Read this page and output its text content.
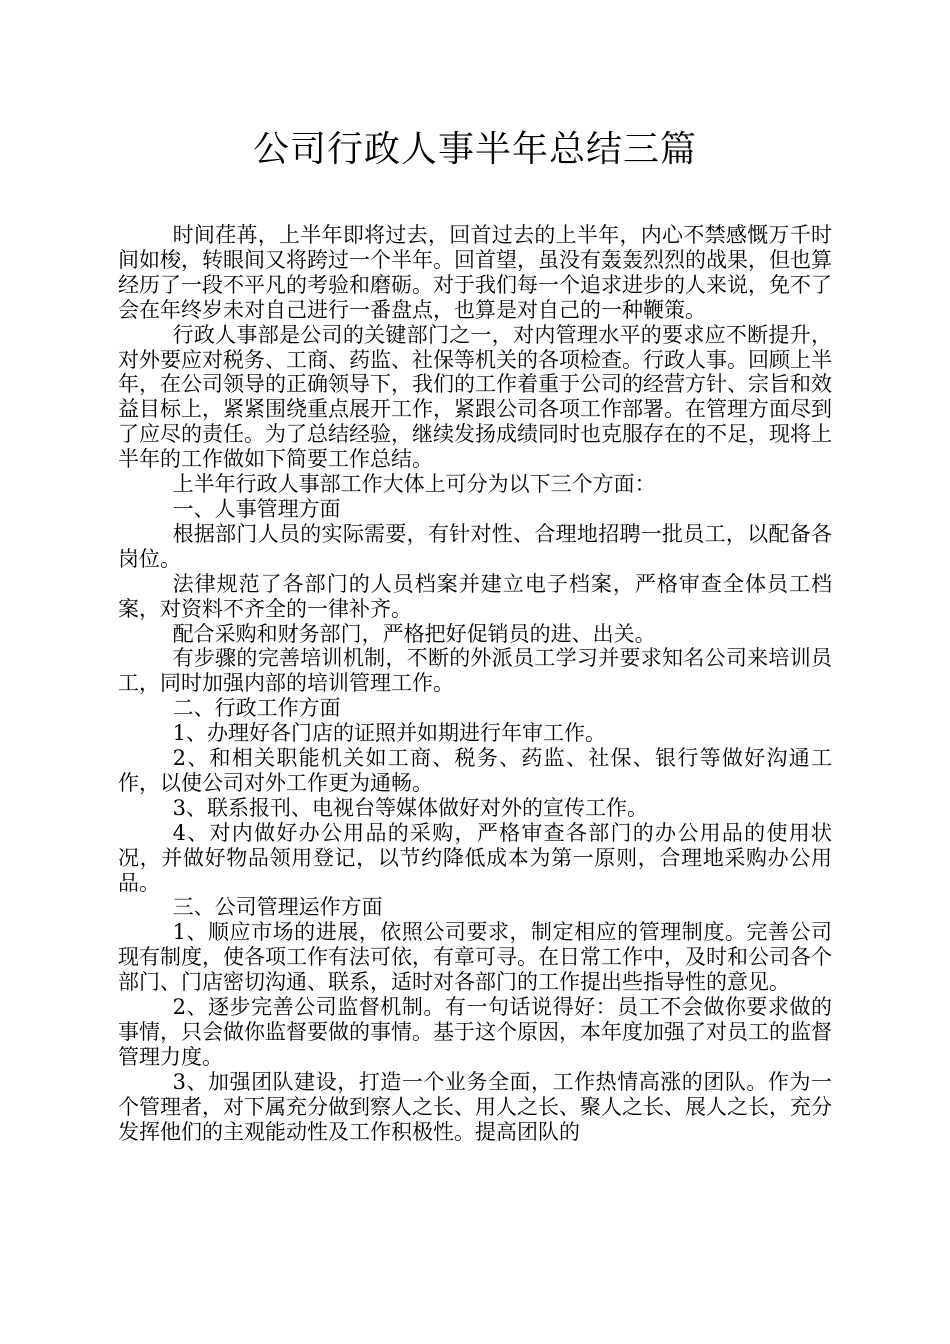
公司行政人事半年总结三篇

时间荏苒，上半年即将过去，回首过去的上半年，内心不禁感慨万千时间如梭，转眼间又将跨过一个半年。回首望，虽没有轰轰烈烈的战果，但也算经历了一段不平凡的考验和磨砺。对于我们每一个追求进步的人来说，免不了会在年终岁未对自己进行一番盘点，也算是对自己的一种鞭策。

行政人事部是公司的关键部门之一，对内管理水平的要求应不断提升，对外要应对税务、工商、药监、社保等机关的各项检查。行政人事。回顾上半年，在公司领导的正确领导下，我们的工作着重于公司的经营方针、宗旨和效益目标上，紧紧围绕重点展开工作，紧跟公司各项工作部署。在管理方面尽到了应尽的责任。为了总结经验，继续发扬成绩同时也克服存在的不足，现将上半年的工作做如下简要工作总结。

上半年行政人事部工作大体上可分为以下三个方面：

一、人事管理方面

根据部门人员的实际需要，有针对性、合理地招聘一批员工，以配备各岗位。

法律规范了各部门的人员档案并建立电子档案，严格审查全体员工档案，对资料不齐全的一律补齐。

配合采购和财务部门，严格把好促销员的进、出关。

有步骤的完善培训机制，不断的外派员工学习并要求知名公司来培训员工，同时加强内部的培训管理工作。

二、行政工作方面

1、办理好各门店的证照并如期进行年审工作。

2、和相关职能机关如工商、税务、药监、社保、银行等做好沟通工作，以使公司对外工作更为通畅。

3、联系报刊、电视台等媒体做好对外的宣传工作。

4、对内做好办公用品的采购，严格审查各部门的办公用品的使用状况，并做好物品领用登记，以节约降低成本为第一原则，合理地采购办公用品。

三、公司管理运作方面

1、顺应市场的进展，依照公司要求，制定相应的管理制度。完善公司现有制度，使各项工作有法可依，有章可寻。在日常工作中，及时和公司各个部门、门店密切沟通、联系，适时对各部门的工作提出些指导性的意见。

2、逐步完善公司监督机制。有一句话说得好：员工不会做你要求做的事情，只会做你监督要做的事情。基于这个原因，本年度加强了对员工的监督管理力度。

3、加强团队建设，打造一个业务全面，工作热情高涨的团队。作为一个管理者，对下属充分做到察人之长、用人之长、聚人之长、展人之长，充分发挥他们的主观能动性及工作积极性。提高团队的
